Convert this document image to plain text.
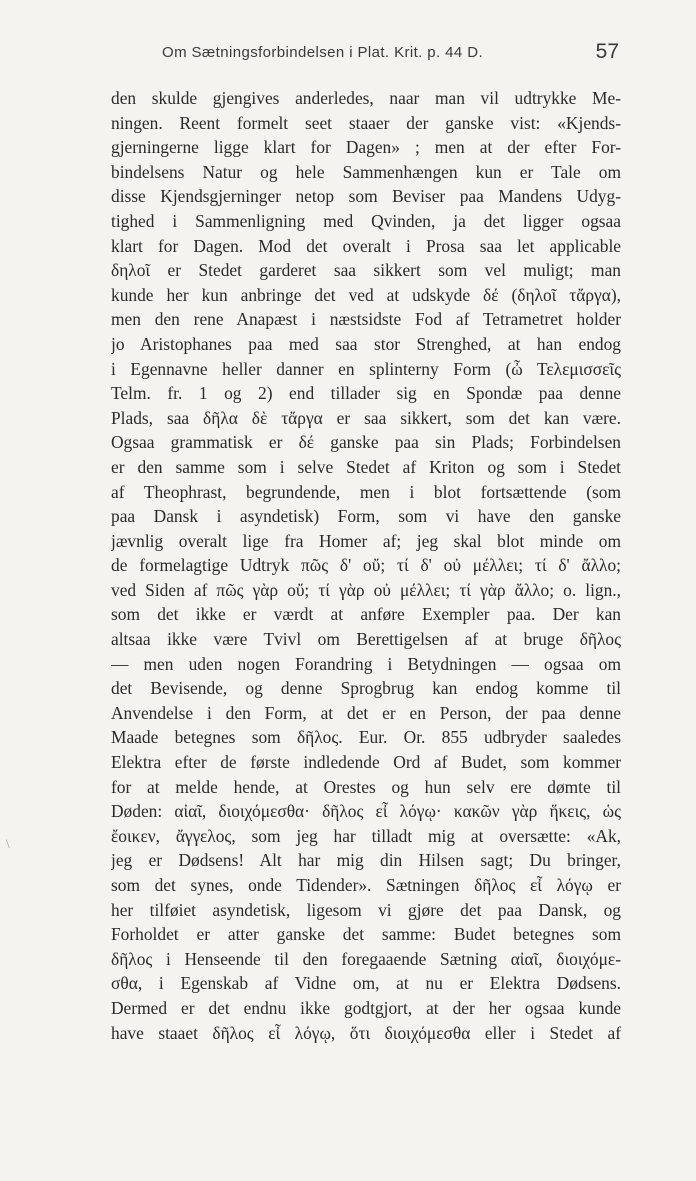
Om Sætningsforbindelsen i Plat. Krit. p. 44 D.	57
\
den skulde gjengives anderledes, naar man vil udtrykke Me-
ningen. Reent formelt seet staaer der ganske vist: «Kjends-
gjerningerne ligge klart for Dagen» ; men at der efter For-
bindelsens Natur og hele Sammenhængen kun er Tale om
disse Kjendsgjerninger netop som Beviser paa Mandens Udyg-
tighed i Sammenligning med Qvinden, ja det ligger ogsaa
klart for Dagen. Mod det overalt i Prosa saa let applicable
δηλοῖ er Stedet garderet saa sikkert som vel muligt; man
kunde her kun anbringe det ved at udskyde δέ (δηλοῖ τἄργα),
men den rene Anapæst i næstsidste Fod af Tetrametret holder
jo Aristophanes paa med saa stor Strenghed, at han endog
i Egennavne heller danner en splinterny Form (ὦ Τελεμισσεῖς
Telm. fr. 1 og 2) end tillader sig en Spondæ paa denne
Plads, saa δῆλα δὲ τἄργα er saa sikkert, som det kan være.
Ogsaa grammatisk er δέ ganske paa sin Plads; Forbindelsen
er den samme som i selve Stedet af Kriton og som i Stedet
af Theophrast, begrundende, men i blot fortsættende (som
paa Dansk i asyndetisk) Form, som vi have den ganske
jævnlig overalt lige fra Homer af; jeg skal blot minde om
de formelagtige Udtryk πῶς δ' οὔ; τί δ' οὐ μέλλει; τί δ' ἄλλο;
ved Siden af πῶς γὰρ οὔ; τί γὰρ οὐ μέλλει; τί γὰρ ἄλλο; o. lign.,
som det ikke er værdt at anføre Exempler paa. Der kan
altsaa ikke være Tvivl om Berettigelsen af at bruge δῆλος
— men uden nogen Forandring i Betydningen — ogsaa om
det Bevisende, og denne Sprogbrug kan endog komme til
Anvendelse i den Form, at det er en Person, der paa denne
Maade betegnes som δῆλος. Eur. Or. 855 udbryder saaledes
Elektra efter de første indledende Ord af Budet, som kommer
for at melde hende, at Orestes og hun selv ere dømte til
Døden: αἰαῖ, διοιχόμεσθα· δῆλος εἶ λόγῳ· κακῶν γὰρ ἥκεις, ὡς
ἔοικεν, ἄγγελος, som jeg har tilladt mig at oversætte: «Ak,
jeg er Dødsens! Alt har mig din Hilsen sagt; Du bringer,
som det synes, onde Tidender». Sætningen δῆλος εἶ λόγῳ er
her tilføiet asyndetisk, ligesom vi gjøre det paa Dansk, og
Forholdet er atter ganske det samme: Budet betegnes som
δῆλος i Henseende til den foregaaende Sætning αἰαῖ, διοιχόμε-
σθα, i Egenskab af Vidne om, at nu er Elektra Dødsens.
Dermed er det endnu ikke godtgjort, at der her ogsaa kunde
have staaet δῆλος εἶ λόγῳ, ὅτι διοιχόμεσθα eller i Stedet af
